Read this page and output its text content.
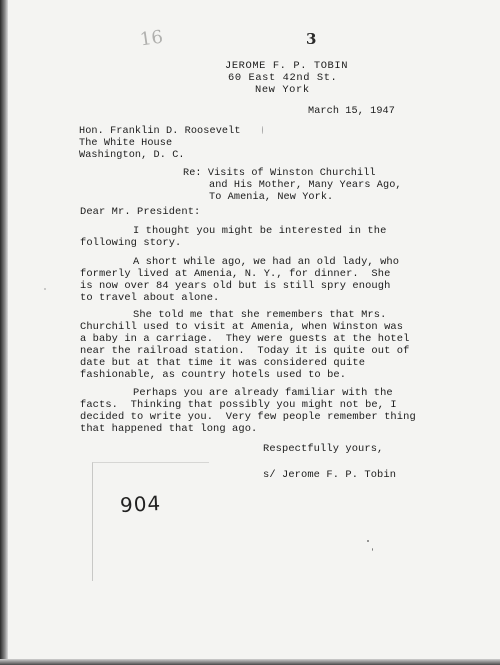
16	3
JEROME F. P. TOBIN
60 East 42nd St.
New York
March 15, 1947
Hon. Franklin D. Roosevelt
The White House
Washington, D. C.
Re: Visits of Winston Churchill
and His Mother, Many Years Ago,
To Amenia, New York.
Dear Mr. President:
I thought you might be interested in the
following story.
A short while ago, we had an old lady, who
formerly lived at Amenia, N. Y., for dinner.  She
is now over 84 years old but is still spry enough
to travel about alone.
She told me that she remembers that Mrs.
Churchill used to visit at Amenia, when Winston was
a baby in a carriage.  They were guests at the hotel
near the railroad station.  Today it is quite out of
date but at that time it was considered quite
fashionable, as country hotels used to be.
Perhaps you are already familiar with the
facts.  Thinking that possibly you might not be, I
decided to write you.  Very few people remember thing
that happened that long ago.
Respectfully yours,
s/ Jerome F. P. Tobin
904
